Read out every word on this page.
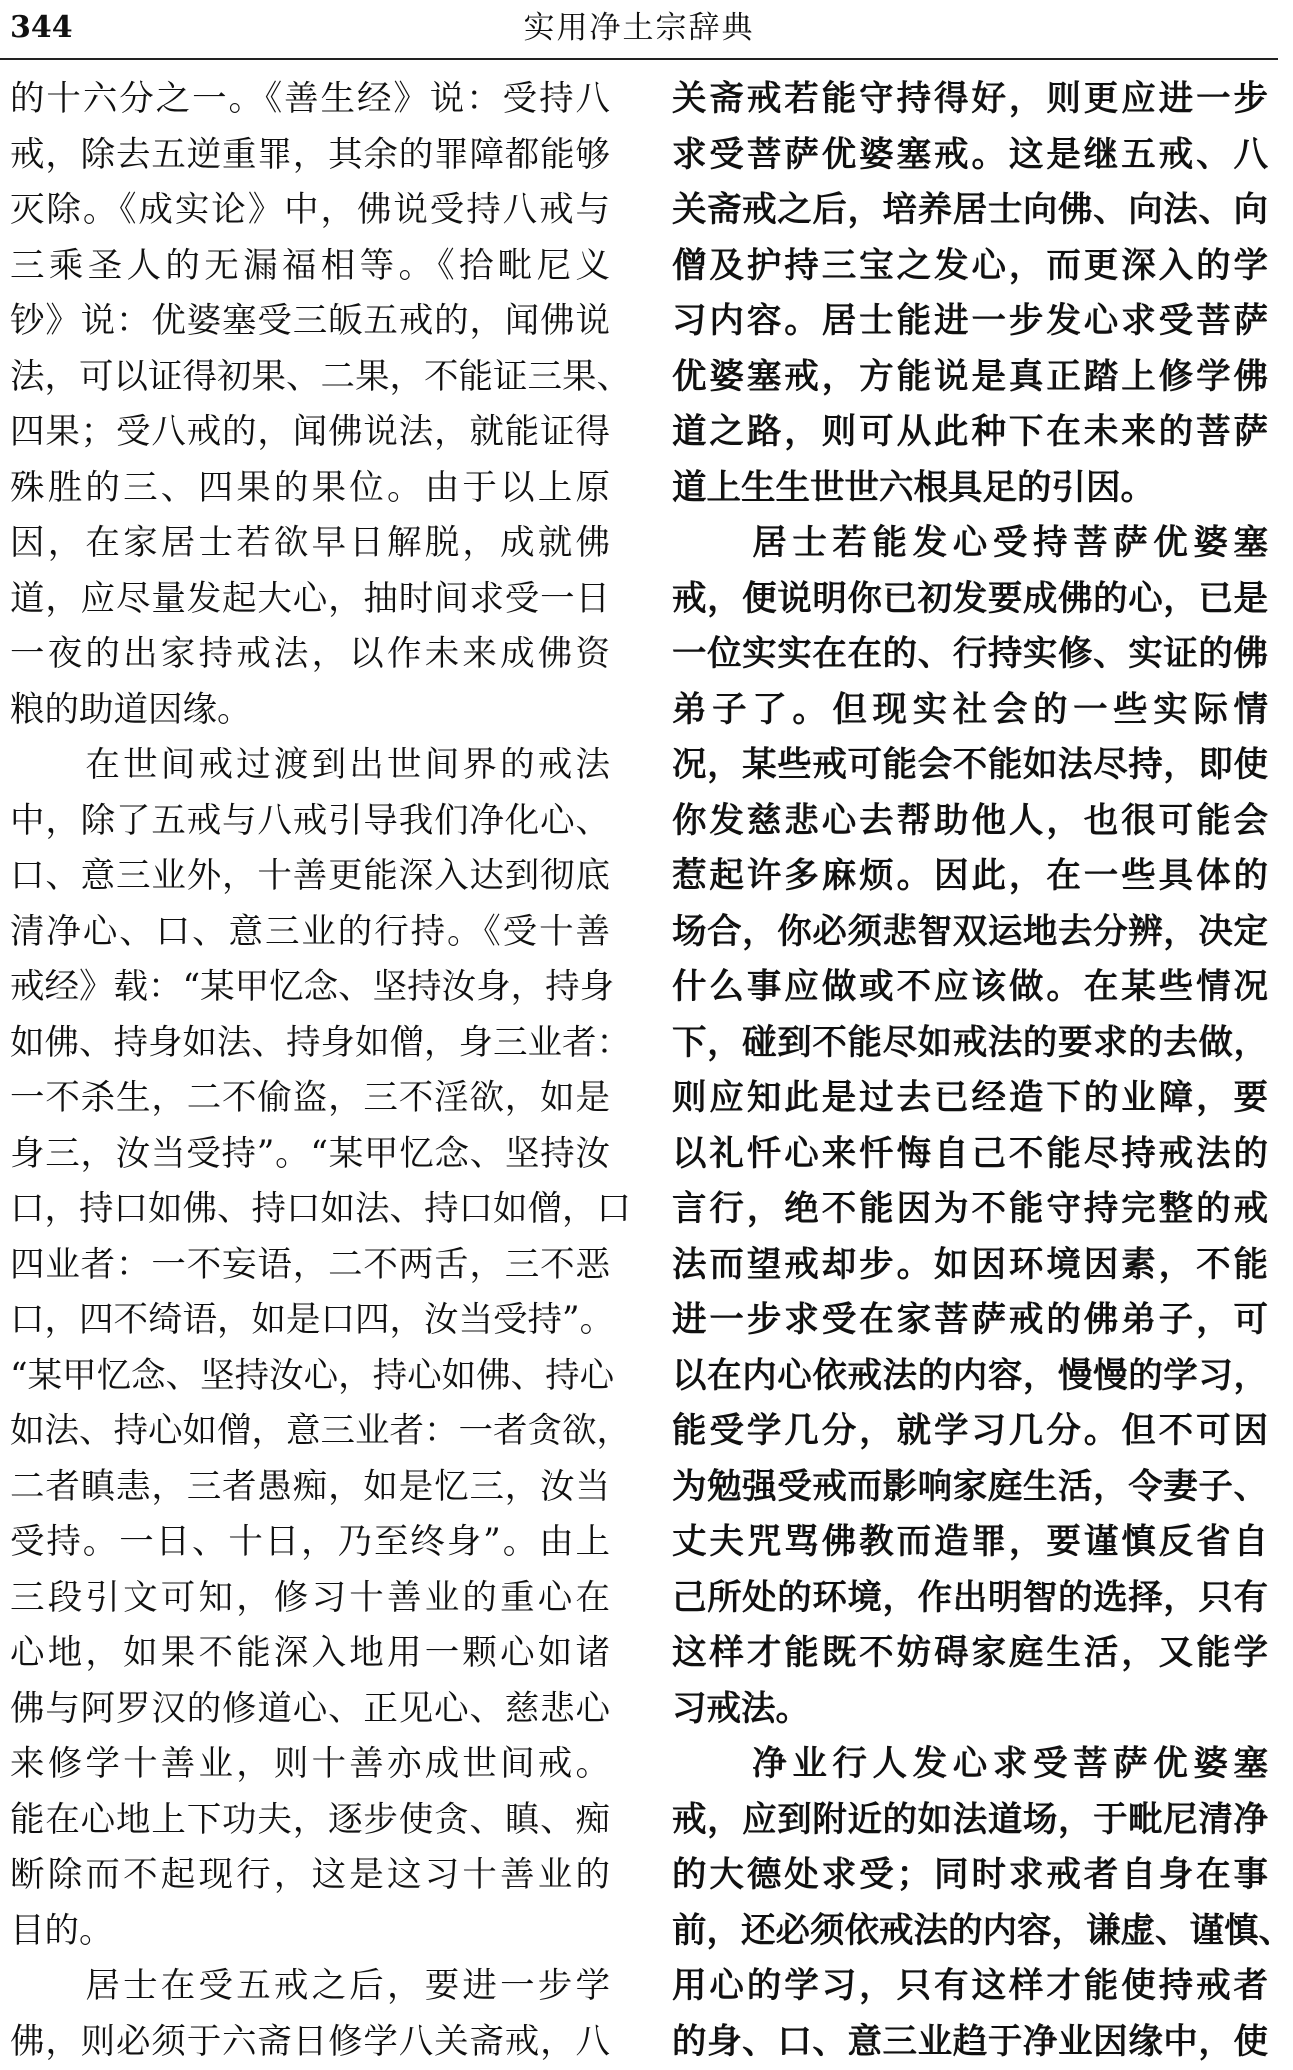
344	实用净土宗辞典
的十六分之一。《善生经》说：受持八
戒，除去五逆重罪，其余的罪障都能够
灭除。《成实论》中，佛说受持八戒与
三乘圣人的无漏福相等。《拾毗尼义
钞》说：优婆塞受三皈五戒的，闻佛说
法，可以证得初果、二果，不能证三果、
四果；受八戒的，闻佛说法，就能证得
殊胜的三、四果的果位。由于以上原
因，在家居士若欲早日解脱，成就佛
道，应尽量发起大心，抽时间求受一日
一夜的出家持戒法，以作未来成佛资
粮的助道因缘。
　　在世间戒过渡到出世间界的戒法
中，除了五戒与八戒引导我们净化心、
口、意三业外，十善更能深入达到彻底
清净心、口、意三业的行持。《受十善
戒经》载：“某甲忆念、坚持汝身，持身
如佛、持身如法、持身如僧，身三业者：
一不杀生，二不偷盗，三不淫欲，如是
身三，汝当受持”。“某甲忆念、坚持汝
口，持口如佛、持口如法、持口如僧，口
四业者：一不妄语，二不两舌，三不恶
口，四不绮语，如是口四，汝当受持”。
“某甲忆念、坚持汝心，持心如佛、持心
如法、持心如僧，意三业者：一者贪欲，
二者瞋恚，三者愚痴，如是忆三，汝当
受持。一日、十日，乃至终身”。由上
三段引文可知，修习十善业的重心在
心地，如果不能深入地用一颗心如诸
佛与阿罗汉的修道心、正见心、慈悲心
来修学十善业，则十善亦成世间戒。
能在心地上下功夫，逐步使贪、瞋、痴
断除而不起现行，这是这习十善业的
目的。
　　居士在受五戒之后，要进一步学
佛，则必须于六斋日修学八关斋戒，八
关斋戒若能守持得好，则更应进一步
求受菩萨优婆塞戒。这是继五戒、八
关斋戒之后，培养居士向佛、向法、向
僧及护持三宝之发心，而更深入的学
习内容。居士能进一步发心求受菩萨
优婆塞戒，方能说是真正踏上修学佛
道之路，则可从此种下在未来的菩萨
道上生生世世六根具足的引因。
　　居士若能发心受持菩萨优婆塞
戒，便说明你已初发要成佛的心，已是
一位实实在在的、行持实修、实证的佛
弟子了。但现实社会的一些实际情
况，某些戒可能会不能如法尽持，即使
你发慈悲心去帮助他人，也很可能会
惹起许多麻烦。因此，在一些具体的
场合，你必须悲智双运地去分辨，决定
什么事应做或不应该做。在某些情况
下，碰到不能尽如戒法的要求的去做，
则应知此是过去已经造下的业障，要
以礼忏心来忏悔自己不能尽持戒法的
言行，绝不能因为不能守持完整的戒
法而望戒却步。如因环境因素，不能
进一步求受在家菩萨戒的佛弟子，可
以在内心依戒法的内容，慢慢的学习，
能受学几分，就学习几分。但不可因
为勉强受戒而影响家庭生活，令妻子、
丈夫咒骂佛教而造罪，要谨慎反省自
己所处的环境，作出明智的选择，只有
这样才能既不妨碍家庭生活，又能学
习戒法。
　　净业行人发心求受菩萨优婆塞
戒，应到附近的如法道场，于毗尼清净
的大德处求受；同时求戒者自身在事
前，还必须依戒法的内容，谦虚、谨慎、
用心的学习，只有这样才能使持戒者
的身、口、意三业趋于净业因缘中，使
